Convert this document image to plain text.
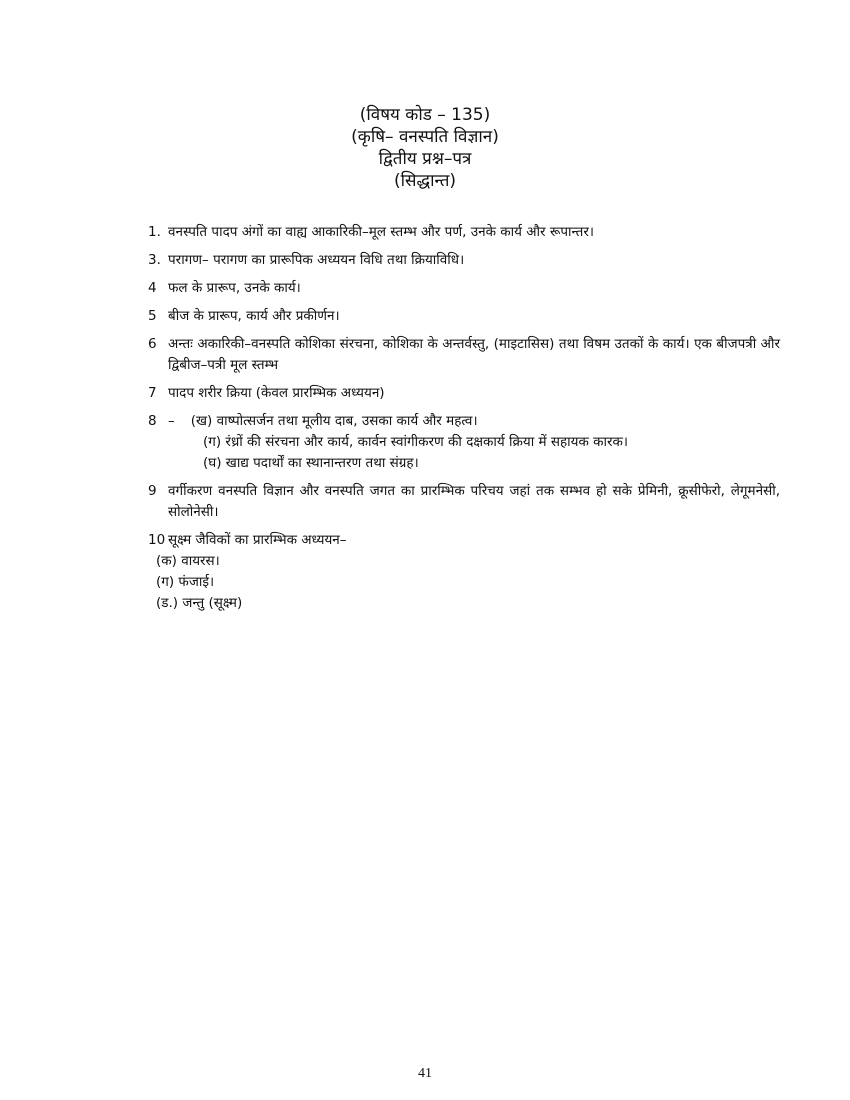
(विषय कोड – 135)
(कृषि– वनस्पति विज्ञान)
द्वितीय प्रश्न–पत्र
(सिद्धान्त)
1. वनस्पति पादप अंगों का वाह्य आकारिकी–मूल स्तम्भ और पर्ण, उनके कार्य और रूपान्तर।
3. परागण– परागण का प्रारूपिक अध्ययन विधि तथा क्रियाविधि।
4 फल के प्रारूप, उनके कार्य।
5 बीज के प्रारूप, कार्य और प्रकीर्णन।
6 अन्तः अकारिकी–वनस्पति कोशिका संरचना, कोशिका के अन्तर्वस्तु, (माइटासिस) तथा विषम उतकों के कार्य। एक बीजपत्री और द्विबीज–पत्री मूल स्तम्भ
7 पादप शरीर क्रिया (केवल प्रारम्भिक अध्ययन)
8 – (ख) वाष्पोत्सर्जन तथा मूलीय दाब, उसका कार्य और महत्व।
(ग) रंध्रों की संरचना और कार्य, कार्वन स्वांगीकरण की दक्षकार्य क्रिया में सहायक कारक।
(घ) खाद्य पदार्थों का स्थानान्तरण तथा संग्रह।
9 वर्गीकरण वनस्पति विज्ञान और वनस्पति जगत का प्रारम्भिक परिचय जहां तक सम्भव हो सके प्रेमिनी, क्रूसीफेरो, लेगूमनेसी, सोलोनेसी।
10 सूक्ष्म जैविकों का प्रारम्भिक अध्ययन–
(क) वायरस।
(ग) फंजाई।
(ड.) जन्तु (सूक्ष्म)
41
